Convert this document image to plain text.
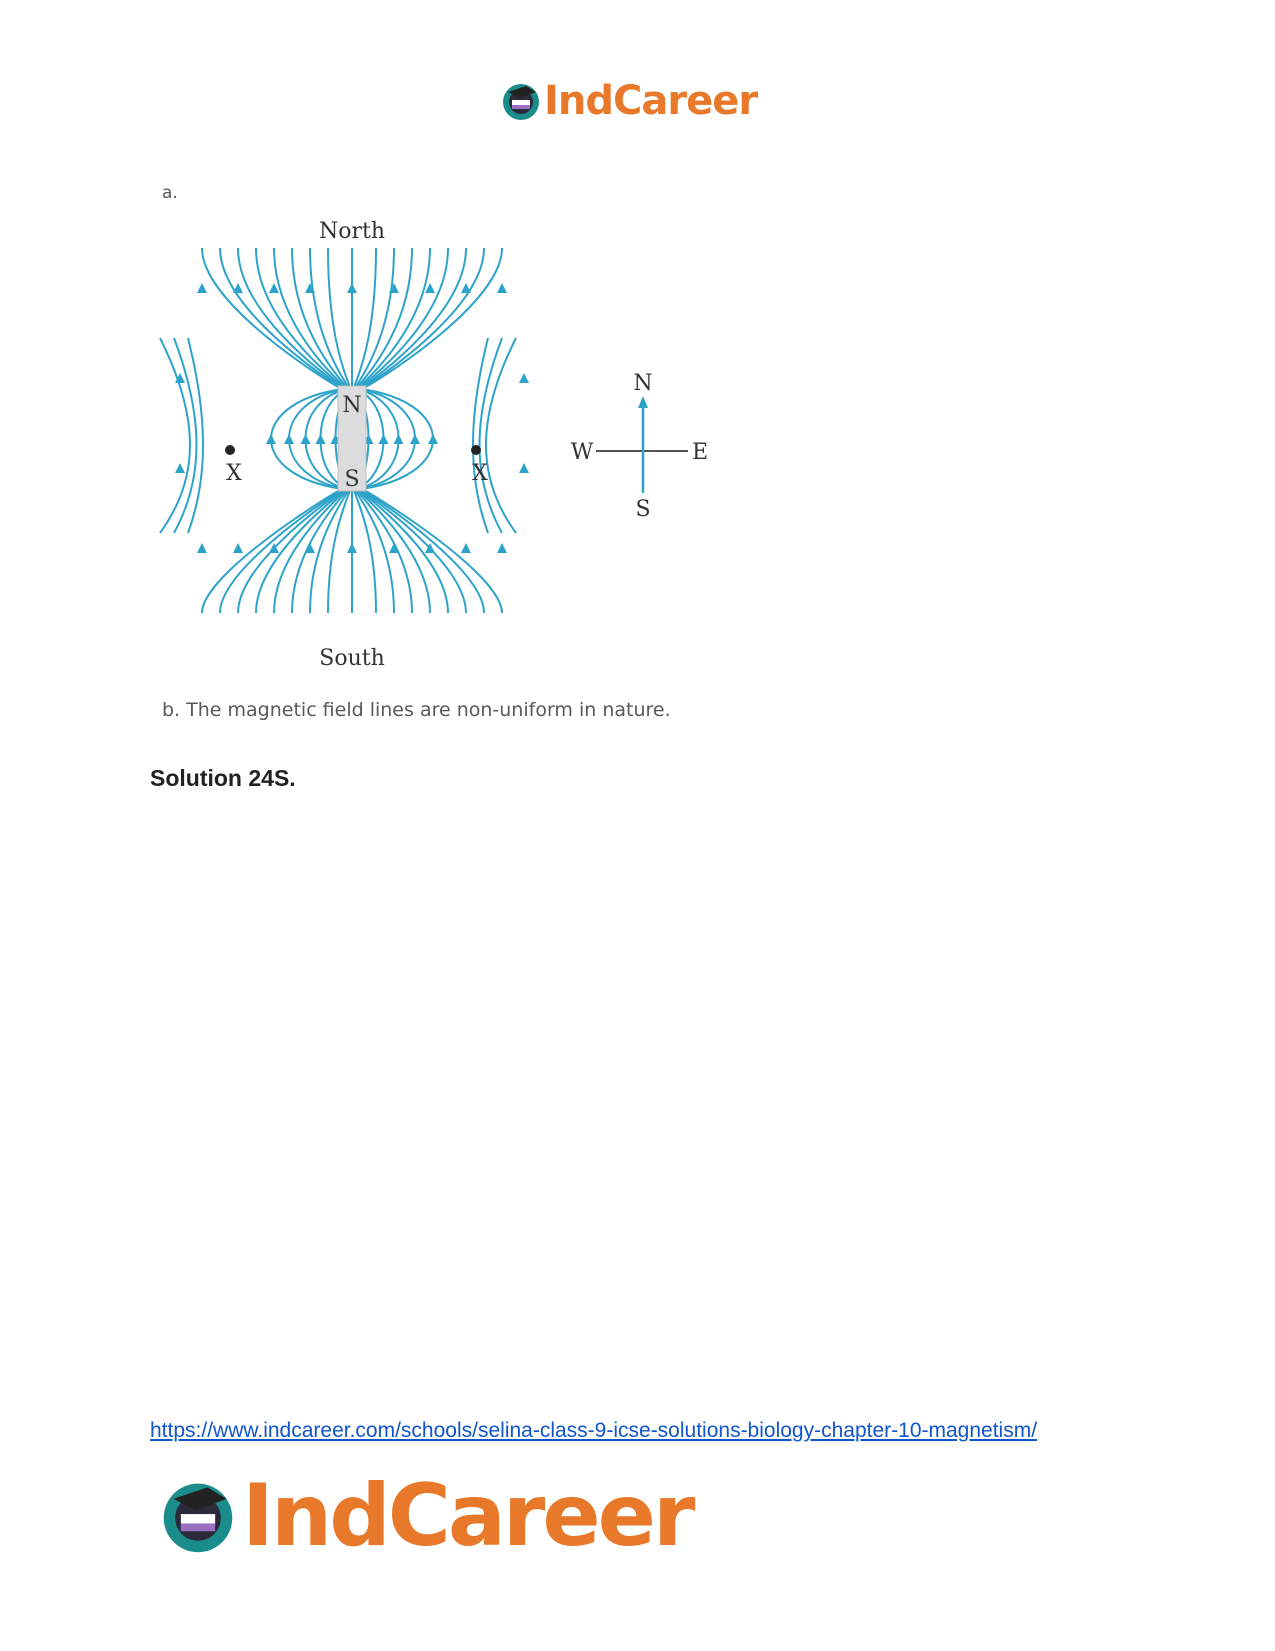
IndCareer
a.
N
S
North
South
X	X
N
S
W	E
b. The magnetic field lines are non-uniform in nature.
Solution 24S.
https://www.indcareer.com/schools/selina-class-9-icse-solutions-biology-chapter-10-magnetism/
IndCareer
